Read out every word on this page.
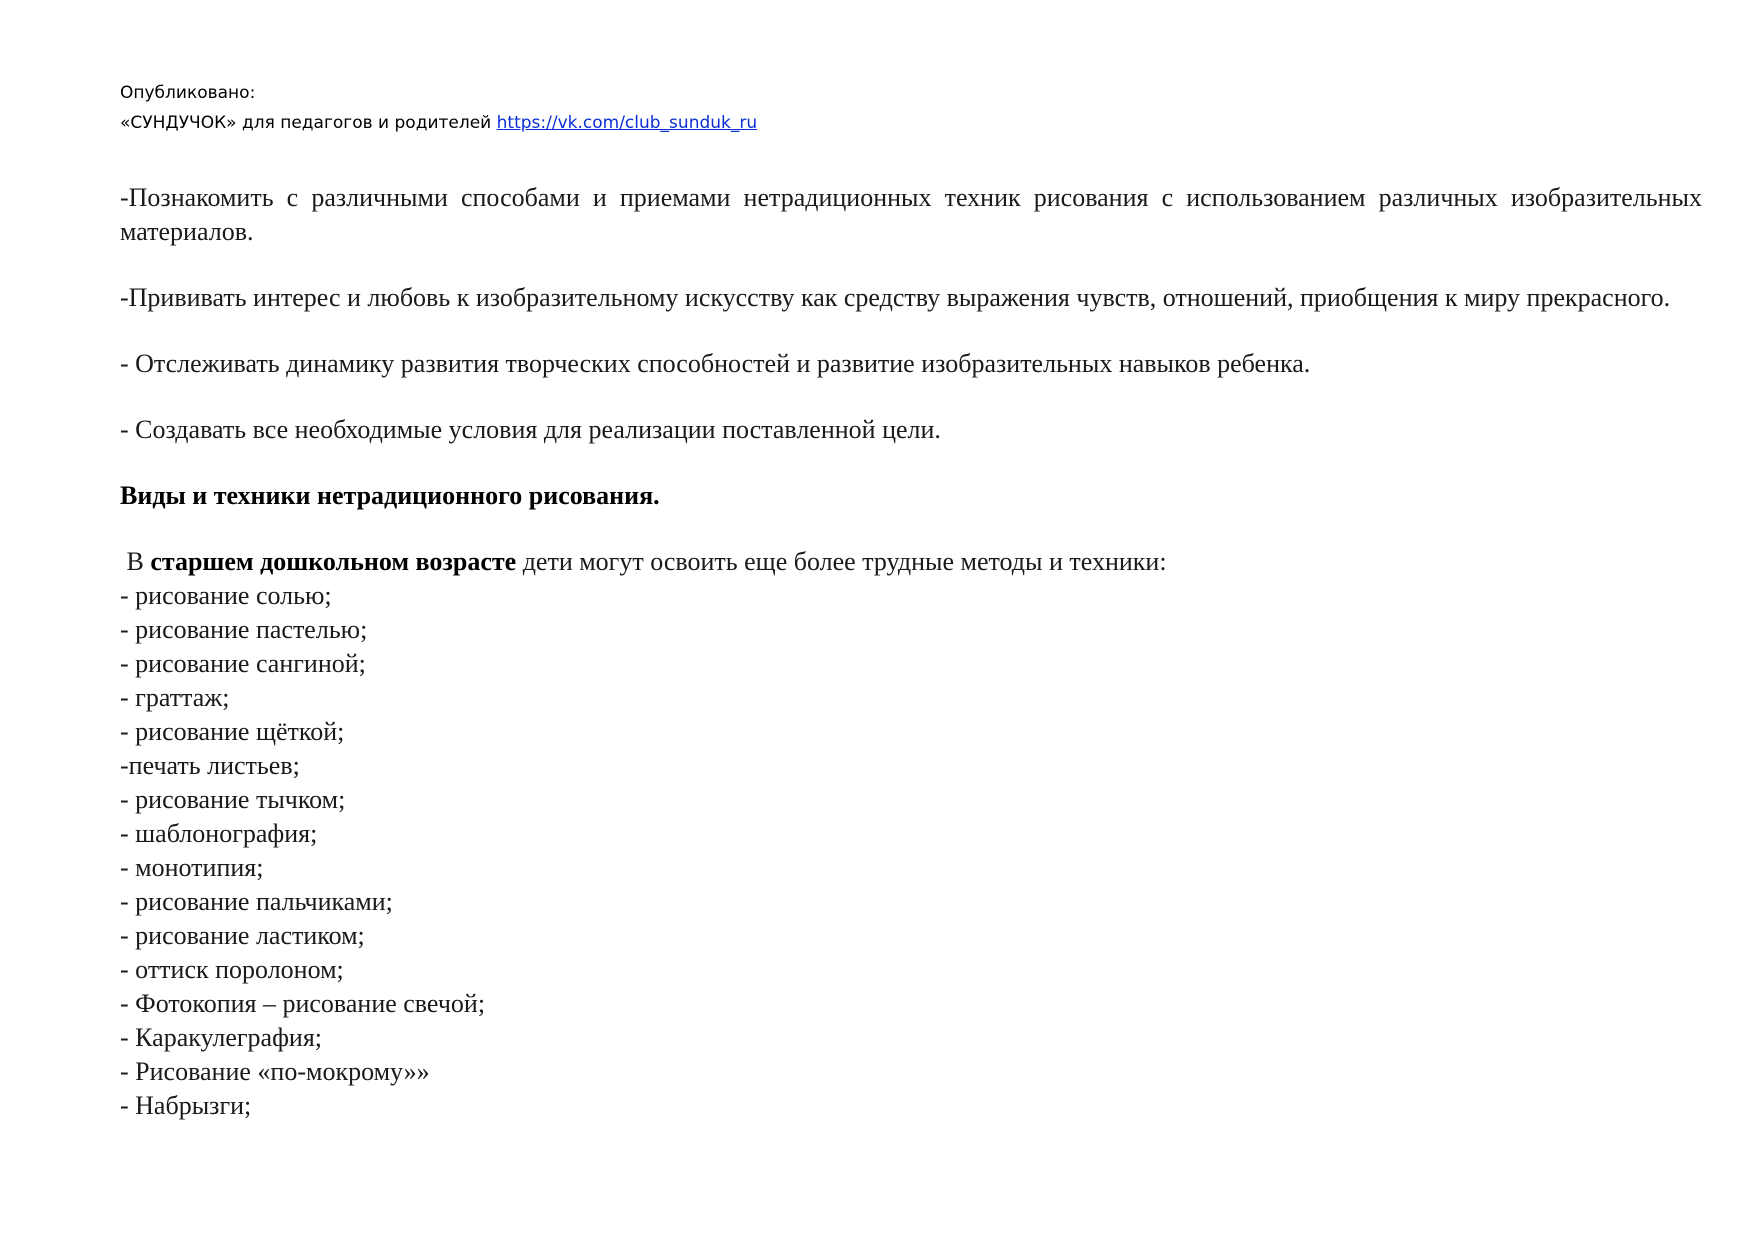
Опубликовано:
«СУНДУЧОК» для педагогов и родителей https://vk.com/club_sunduk_ru

-Познакомить с различными способами и приемами нетрадиционных техник рисования с использованием различных изобразительных материалов.

-Прививать интерес и любовь к изобразительному искусству как средству выражения чувств, отношений, приобщения к миру прекрасного.

- Отслеживать динамику развития творческих способностей и развитие изобразительных навыков ребенка.

- Создавать все необходимые условия для реализации поставленной цели.

Виды и техники нетрадиционного рисования.

В старшем дошкольном возрасте дети могут освоить еще более трудные методы и техники:

- рисование солью;

- рисование пастелью;

- рисование сангиной;

- граттаж;

- рисование щёткой;

-печать листьев;

- рисование тычком;

- шаблонография;

- монотипия;

- рисование пальчиками;

- рисование ластиком;

- оттиск поролоном;

- Фотокопия – рисование свечой;

- Каракулеграфия;

- Рисование «по-мокрому»»

- Набрызги;
